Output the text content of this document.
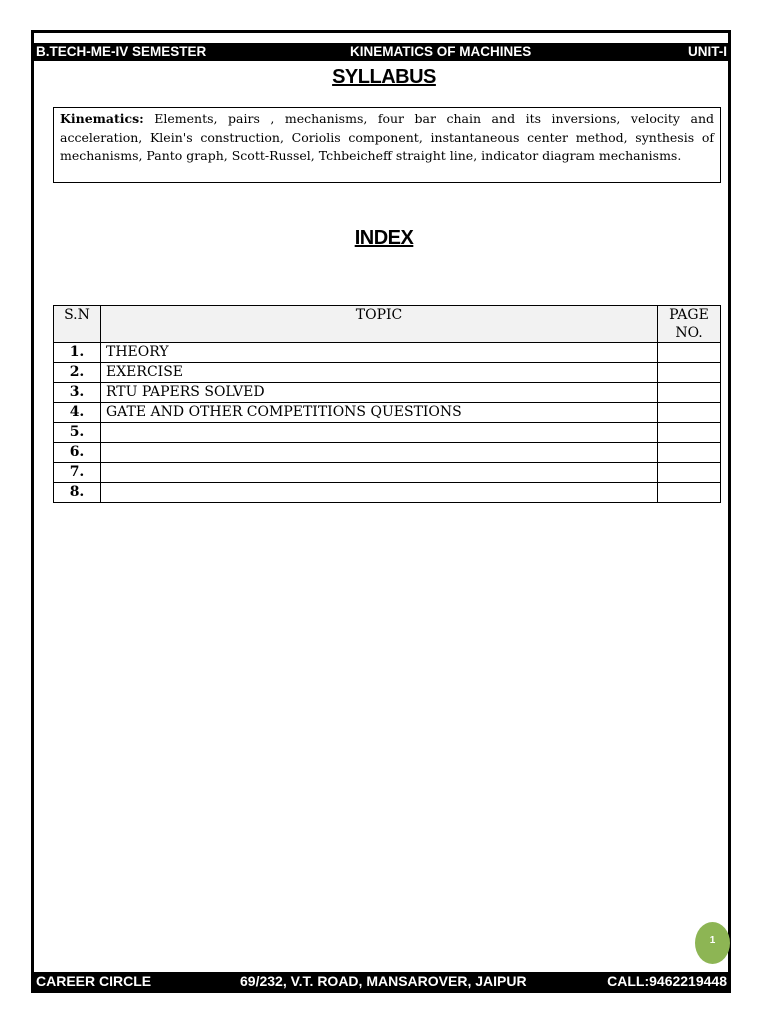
B.TECH-ME-IV SEMESTER	KINEMATICS OF MACHINES	UNIT-I
SYLLABUS
Kinematics: Elements, pairs , mechanisms, four bar chain and its inversions, velocity and acceleration, Klein's construction, Coriolis component, instantaneous center method, synthesis of mechanisms, Panto graph, Scott-Russel, Tchbeicheff straight line, indicator diagram mechanisms.
INDEX
S.N	TOPIC	PAGE NO.
1.	THEORY	
2.	EXERCISE	
3.	RTU PAPERS SOLVED	
4.	GATE AND OTHER COMPETITIONS QUESTIONS	
5.		
6.		
7.		
8.		
1
CAREER CIRCLE	69/232, V.T. ROAD, MANSAROVER, JAIPUR	CALL:9462219448
